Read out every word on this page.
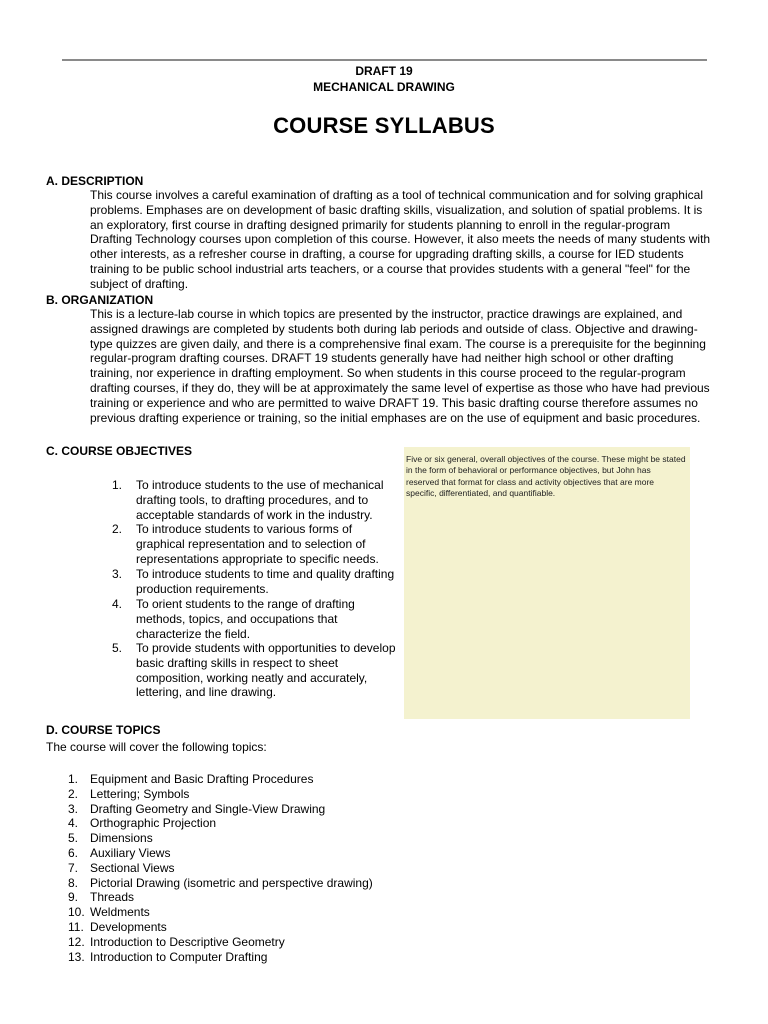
DRAFT 19
MECHANICAL DRAWING
COURSE SYLLABUS
A. DESCRIPTION
This course involves a careful examination of drafting as a tool of technical communication and for solving graphical problems. Emphases are on development of basic drafting skills, visualization, and solution of spatial problems. It is an exploratory, first course in drafting designed primarily for students planning to enroll in the regular-program Drafting Technology courses upon completion of this course. However, it also meets the needs of many students with other interests, as a refresher course in drafting, a course for upgrading drafting skills, a course for IED students training to be public school industrial arts teachers, or a course that provides students with a general "feel" for the subject of drafting.
B. ORGANIZATION
This is a lecture-lab course in which topics are presented by the instructor, practice drawings are explained, and assigned drawings are completed by students both during lab periods and outside of class. Objective and drawing-type quizzes are given daily, and there is a comprehensive final exam. The course is a prerequisite for the beginning regular-program drafting courses. DRAFT 19 students generally have had neither high school or other drafting training, nor experience in drafting employment. So when students in this course proceed to the regular-program drafting courses, if they do, they will be at approximately the same level of expertise as those who have had previous training or experience and who are permitted to waive DRAFT 19. This basic drafting course therefore assumes no previous drafting experience or training, so the initial emphases are on the use of equipment and basic procedures.
C. COURSE OBJECTIVES
1. To introduce students to the use of mechanical drafting tools, to drafting procedures, and to acceptable standards of work in the industry.
2. To introduce students to various forms of graphical representation and to selection of representations appropriate to specific needs.
3. To introduce students to time and quality drafting production requirements.
4. To orient students to the range of drafting methods, topics, and occupations that characterize the field.
5. To provide students with opportunities to develop basic drafting skills in respect to sheet composition, working neatly and accurately, lettering, and line drawing.
Five or six general, overall objectives of the course. These might be stated in the form of behavioral or performance objectives, but John has reserved that format for class and activity objectives that are more specific, differentiated, and quantifiable.
D. COURSE TOPICS
The course will cover the following topics:
1. Equipment and Basic Drafting Procedures
2. Lettering; Symbols
3. Drafting Geometry and Single-View Drawing
4. Orthographic Projection
5. Dimensions
6. Auxiliary Views
7. Sectional Views
8. Pictorial Drawing (isometric and perspective drawing)
9. Threads
10. Weldments
11. Developments
12. Introduction to Descriptive Geometry
13. Introduction to Computer Drafting
